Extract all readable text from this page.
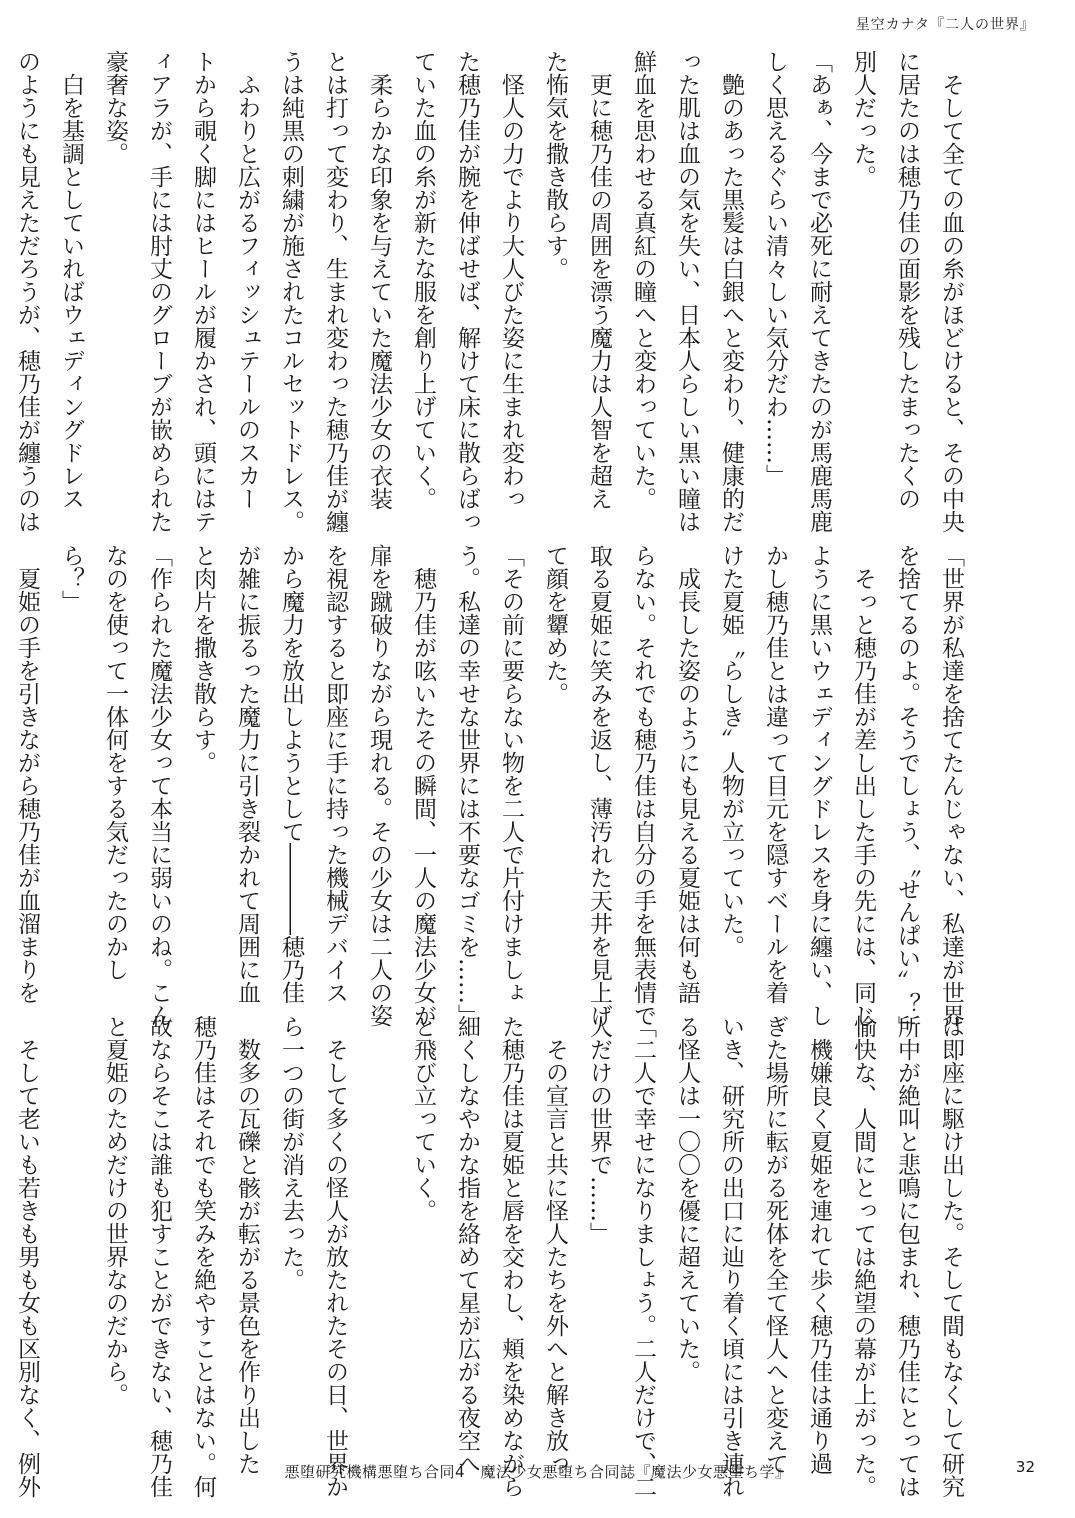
星空カナタ『二人の世界』
　そして全ての血の糸がほどけると、その中央
に居たのは穂乃佳の面影を残したまったくの
別人だった。
「あぁ、今まで必死に耐えてきたのが馬鹿馬鹿
しく思えるぐらい清々しい気分だわ……」
　艶のあった黒髪は白銀へと変わり、健康的だ
った肌は血の気を失い、日本人らしい黒い瞳は
鮮血を思わせる真紅の瞳へと変わっていた。
　更に穂乃佳の周囲を漂う魔力は人智を超え
た怖気を撒き散らす。
　怪人の力でより大人びた姿に生まれ変わっ
た穂乃佳が腕を伸ばせば、解けて床に散らばっ
ていた血の糸が新たな服を創り上げていく。
　柔らかな印象を与えていた魔法少女の衣装
とは打って変わり、生まれ変わった穂乃佳が纏
うは純黒の刺繍が施されたコルセットドレス。
　ふわりと広がるフィッシュテールのスカー
トから覗く脚にはヒールが履かされ、頭にはテ
ィアラが、手には肘丈のグローブが嵌められた
豪奢な姿。
　白を基調としていればウェディングドレス
のようにも見えただろうが、穂乃佳が纏うのは
「世界が私達を捨てたんじゃない、私達が世界
を捨てるのよ。そうでしょう、〝せんぱい〟？」
　そっと穂乃佳が差し出した手の先には、同じ
ように黒いウェディングドレスを身に纏い、し
かし穂乃佳とは違って目元を隠すベールを着
けた夏姫〝らしき〟人物が立っていた。
　成長した姿のようにも見える夏姫は何も語
らない。それでも穂乃佳は自分の手を無表情で
取る夏姫に笑みを返し、薄汚れた天井を見上げ
て顔を顰めた。
「その前に要らない物を二人で片付けましょ
う。私達の幸せな世界には不要なゴミを……」
　穂乃佳が呟いたその瞬間、一人の魔法少女が
扉を蹴破りながら現れる。その少女は二人の姿
を視認すると即座に手に持った機械デバイス
から魔力を放出しようとして――――穂乃佳
が雑に振るった魔力に引き裂かれて周囲に血
と肉片を撒き散らす。
「作られた魔法少女って本当に弱いのね。こん
なのを使って一体何をする気だったのかし
ら？」
　夏姫の手を引きながら穂乃佳が血溜まりを
は即座に駆け出した。そして間もなくして研究
所中が絶叫と悲鳴に包まれ、穂乃佳にとっては
愉快な、人間にとっては絶望の幕が上がった。
　機嫌良く夏姫を連れて歩く穂乃佳は通り過
ぎた場所に転がる死体を全て怪人へと変えて
いき、研究所の出口に辿り着く頃には引き連れ
る怪人は一〇〇を優に超えていた。
「二人で幸せになりましょう。二人だけで、二
人だけの世界で……」
　その宣言と共に怪人たちを外へと解き放っ
た穂乃佳は夏姫と唇を交わし、頬を染めながら
細くしなやかな指を絡めて星が広がる夜空へ
と飛び立っていく。

　そして多くの怪人が放たれたその日、世界か
ら一つの街が消え去った。
　数多の瓦礫と骸が転がる景色を作り出した
穂乃佳はそれでも笑みを絶やすことはない。何
故ならそこは誰も犯すことができない、穂乃佳
と夏姫のためだけの世界なのだから。

　そして老いも若きも男も女も区別なく、例外	悪堕研究機構悪堕ち合同4　魔法少女悪堕ち合同誌『魔法少女悪堕ち学』	32
